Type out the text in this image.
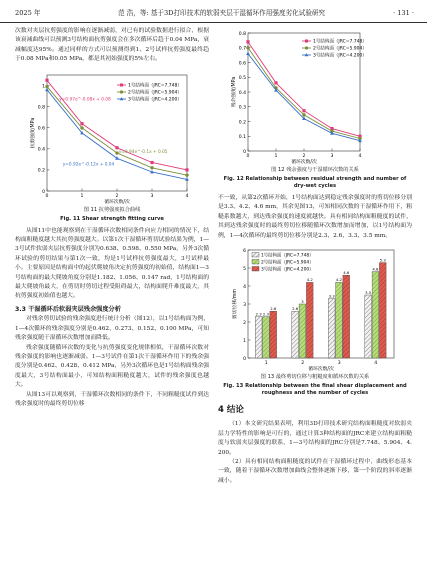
2025 年	范 浩，等: 基于3D打印技术的软弱夹层干湿循环作用强度劣化试验研究	· 131 ·

次数对夹层抗剪强度的影响在逐渐减弱，对已有的试验数据进行拟合，根据该衰减曲线可以预测3号结构面抗剪强度会在多次循环后趋于0.04 MPa，衰减幅度达95%。通过同样的方式可以预测得到1、2号试样抗剪强度最终趋于0.08 MPa和0.05 MPa，都是其初始强度的5%左右。

0
0.2
0.4
0.6
0.8
1
0	1	2	3	4
循环次数/次
抗剪强度/MPa
1号结构面（JRC=7.748）
2号结构面（JRC=5.904）
3号结构面（JRC=4.200）
y=0.97e^-0.08x + 0.08
y=0.94e^-0.1x + 0.05
y=0.92e^-0.12x + 0.04
图 11 抗剪强度拟合曲线
Fig. 11 Shear strength fitting curve

从图11中也能观察到在干湿循环次数相同条件向应力相同的情况下，结构面粗糙度越大其抗剪强度越大。以第1次干湿循环剪切试验结果为例，1—3号试件软弱夹层抗剪强度分别为0.638、0.598、0.550 MPa，另外3次循环试验的剪切结果与第1次一致，均是1号试样抗剪强度最大，3号试样最小。主要原因是结构面中的起伏爬坡角决定抗剪强度的初始值，结构面1—3号结构面的最大爬坡角度分别是1.182、1.056、0.147 rad，1号结构面的最大爬坡角最大，在剪切时剪切过程受阻碍最大，结构面爬升难度最大，其抗剪强度初始值也越大。

3.3 干湿循环后软弱夹层残余强度分析

对残余剪切试验的残余强度进行统计分析（图12），以1号结构面为例，1—4次循环的残余强度分别是0.462、0.273、0.152、0.100 MPa，可知残余强度随干湿循环次数增加而降低。

残余强度随循环次数的变化与抗剪强度变化规律相似，干湿循环次数对残余强度的影响也逐渐减弱。1—3号试件在第1次干湿循环作用下的残余强度分别是0.462、0.428、0.412 MPa，另外3次循环也是1号结构面残余强度最大，3号结构面最小，可知结构面粗糙度越大，试件的残余强度也越大。

从图13可以观察到，干湿循环次数相同的条件下，不同粗糙度试件到达残余强度时的最终剪切位移

0
0.1
0.2
0.3
0.4
0.5
0.6
0.7
0.8
0	1	2	3	4
循环次数/次
残余强度/MPa
1号结构面（JRC=7.748）
2号结构面（JRC=5.904）
3号结构面（JRC=4.200）
图 12 残余强度与干湿循环次数的关系
Fig. 12 Relationship between residual strength and number of dry-wet cycles

不一致，从第2次循环开始，1号结构面达到稳定残余强度时的剪切位移分别是3.3、4.2、4.6 mm，其余见图13，可知相同次数的干湿循环作用下，粗糙系数越大，到达残余强度的速度就越快。具有相同结构面粗糙度的试件，其到达残余强度时的最终剪切位移随循环次数增加而增加，以1号结构面为例，1—4次循环的最终剪切位移分别是2.3、2.6、3.3、3.5 mm。

0
1
2
3
4
5
6
1
2.3 2.3
2.6
2
2.6
3
4.2
3
3.3
4.2
4.6
4
3.5
4.8
5.3
循环次数/次
剪切位移/mm
1号结构面（JRC=7.748）
2号结构面（JRC=5.904）
3号结构面（JRC=4.200）
图 13 最终剪切位移与粗糙度和循环次数的关系
Fig. 13 Relationship between the final shear displacement and roughness and the number of cycles
4 结论

（1）本文研究结果表明，利用3D打印技术研究结构面粗糙度对软弱夹层力学特性的影响是可行的，通过计算3种结构面的JRC来建立结构面粗糙度与软弱夹层强度的联系，1—3号结构面的JRC分别是7.748、5.904、4.200。

（2）具有相同结构面粗糙度的试件在干湿循环过程中，曲线形态基本一致，随着干湿循环次数增加曲线会整体逐渐下移，第一个阶段的斜率逐渐减小。
